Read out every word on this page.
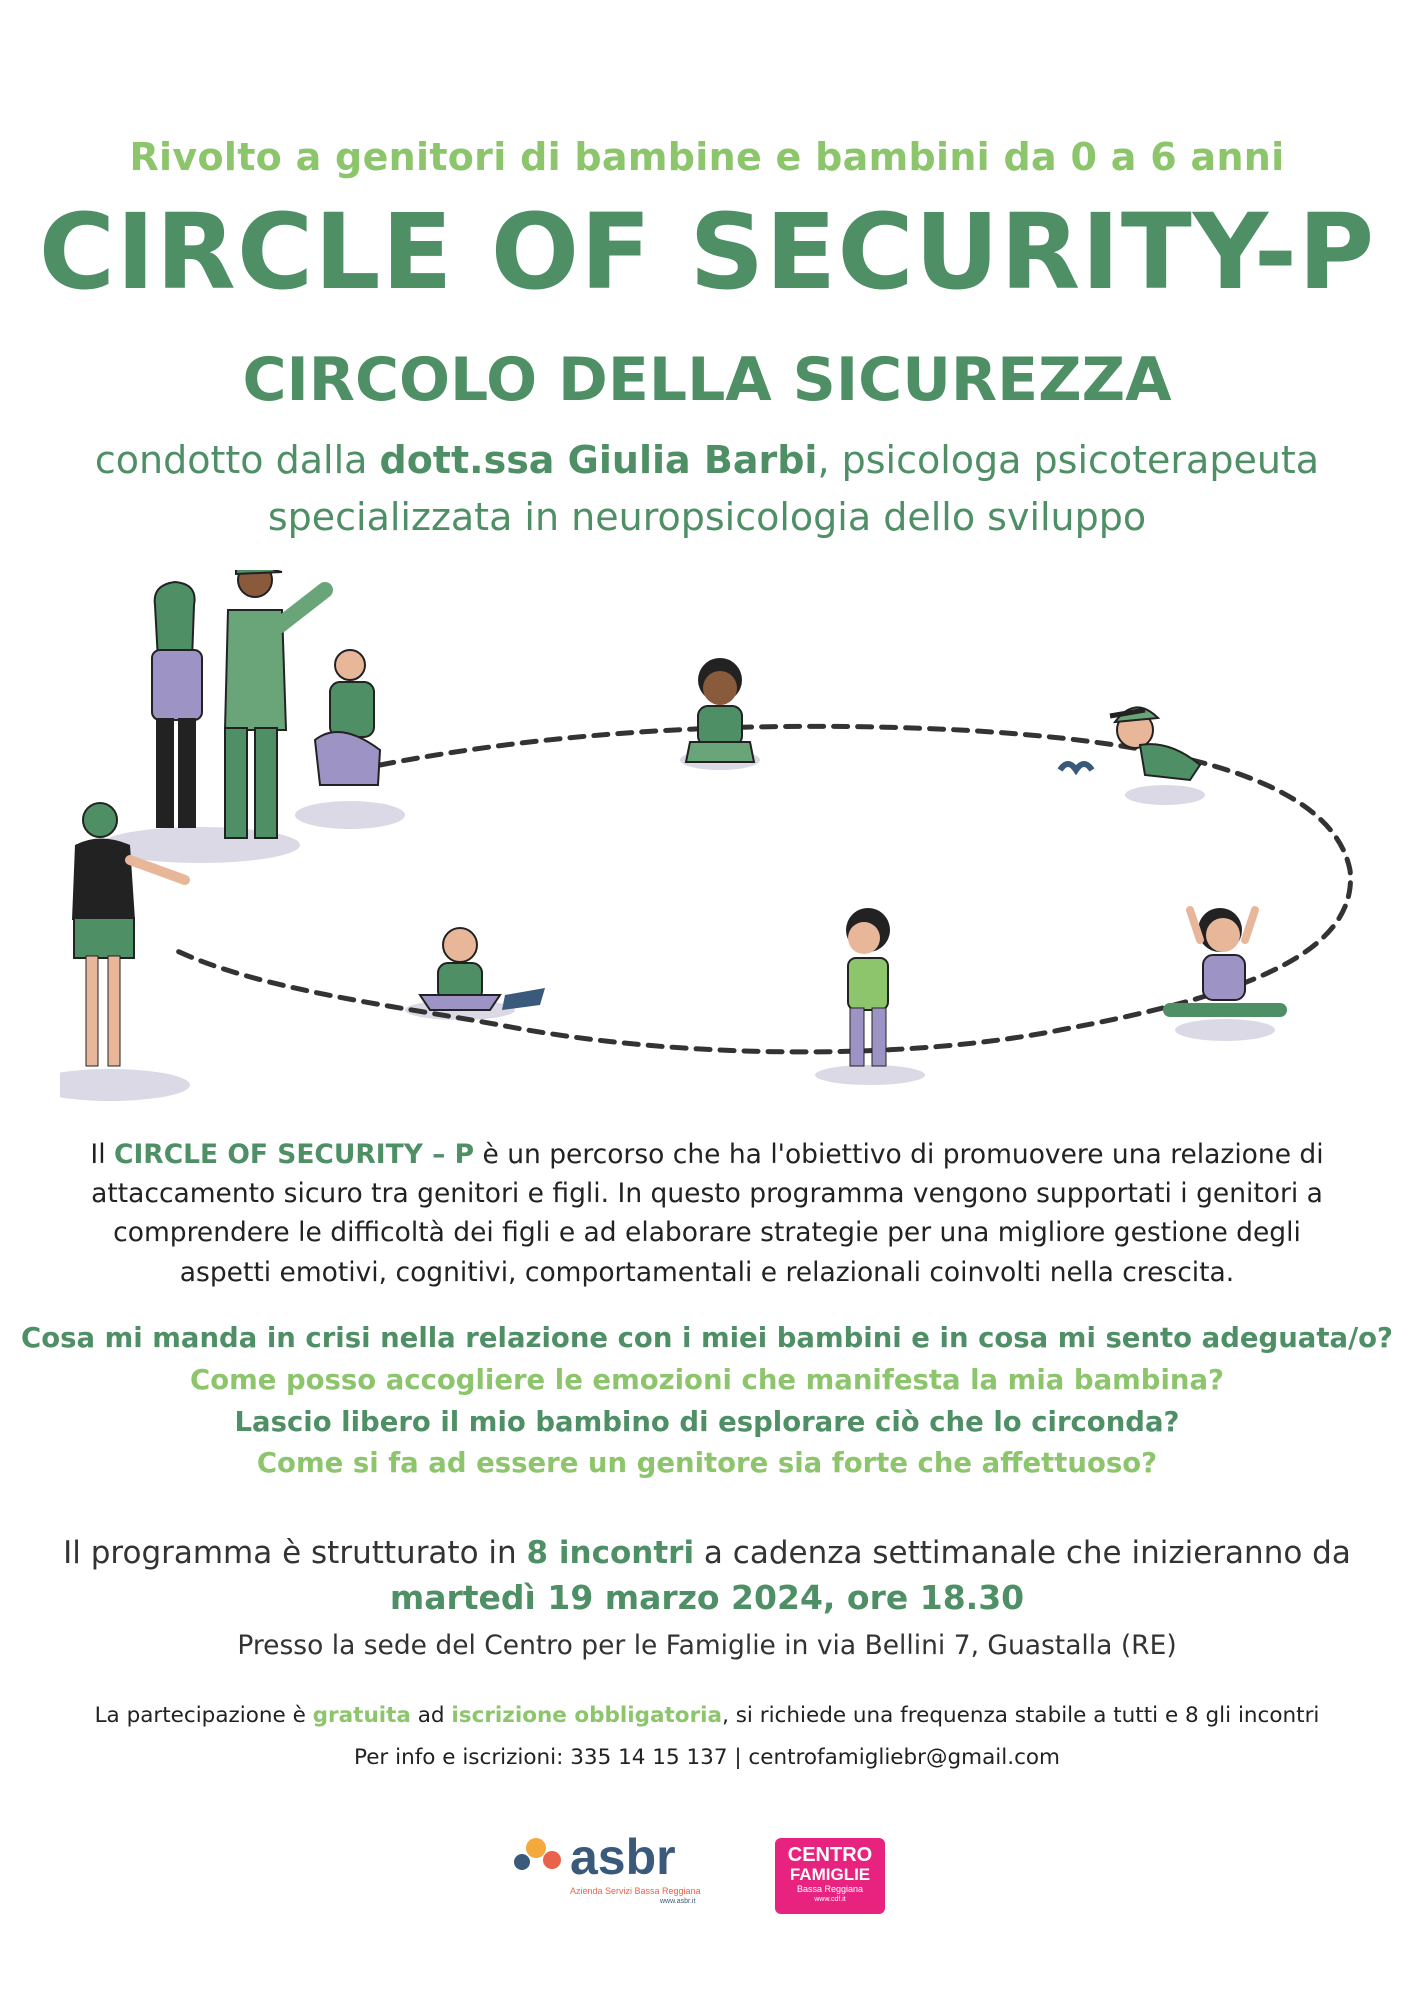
Rivolto a genitori di bambine e bambini da 0 a 6 anni
CIRCLE OF SECURITY-P
CIRCOLO DELLA SICUREZZA
condotto dalla dott.ssa Giulia Barbi, psicologa psicoterapeuta
specializzata in neuropsicologia dello sviluppo
Il CIRCLE OF SECURITY – P è un percorso che ha l'obiettivo di promuovere una relazione di attaccamento sicuro tra genitori e figli. In questo programma vengono supportati i genitori a comprendere le difficoltà dei figli e ad elaborare strategie per una migliore gestione degli aspetti emotivi, cognitivi, comportamentali e relazionali coinvolti nella crescita.
Cosa mi manda in crisi nella relazione con i miei bambini e in cosa mi sento adeguata/o?
Come posso accogliere le emozioni che manifesta la mia bambina?
Lascio libero il mio bambino di esplorare ciò che lo circonda?
Come si fa ad essere un genitore sia forte che affettuoso?
Il programma è strutturato in 8 incontri a cadenza settimanale che inizieranno da
martedì 19 marzo 2024, ore 18.30
Presso la sede del Centro per le Famiglie in via Bellini 7, Guastalla (RE)
La partecipazione è gratuita ad iscrizione obbligatoria, si richiede una frequenza stabile a tutti e 8 gli incontri
Per info e iscrizioni: 335 14 15 137 | centrofamigliebr@gmail.com
asbr
Azienda Servizi Bassa Reggiana
www.asbr.it
CENTRO
FAMIGLIE
Bassa Reggiana
www.cdf.it
